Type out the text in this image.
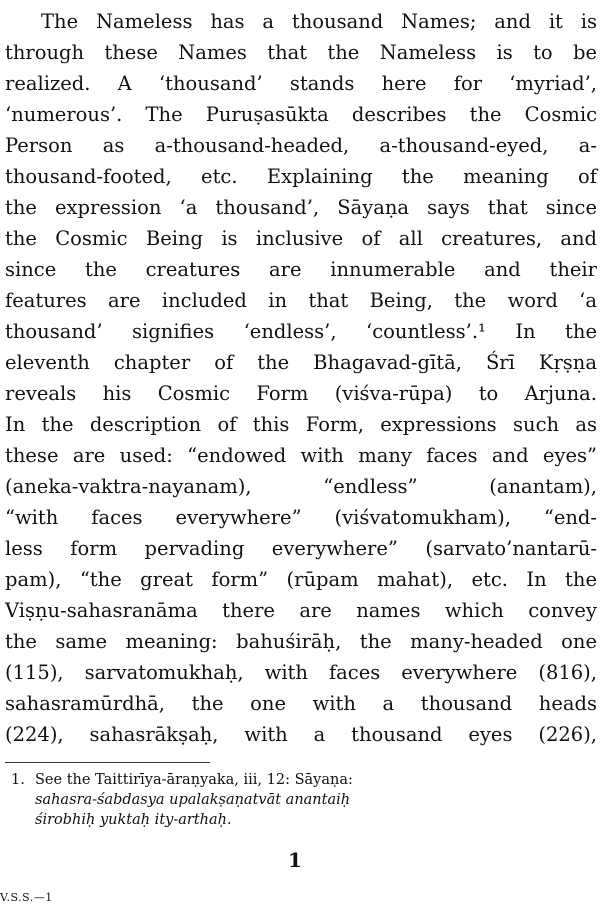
The Nameless has a thousand Names; and it is
through these Names that the Nameless is to be
realized. A ‘thousand’ stands here for ‘myriad’,
‘numerous’. The Puruṣasūkta describes the Cosmic
Person as a-thousand-headed, a-thousand-eyed, a-
thousand-footed, etc. Explaining the meaning of
the expression ‘a thousand’, Sāyaṇa says that since
the Cosmic Being is inclusive of all creatures, and
since the creatures are innumerable and their
features are included in that Being, the word ‘a
thousand’ signifies ‘endless’, ‘countless’.¹ In the
eleventh chapter of the Bhagavad-gītā, Śrī Kṛṣṇa
reveals his Cosmic Form (viśva-rūpa) to Arjuna.
In the description of this Form, expressions such as
these are used: “endowed with many faces and eyes”
(aneka-vaktra-nayanam), “endless” (anantam),
“with faces everywhere” (viśvatomukham), “end-
less form pervading everywhere” (sarvato’nantarū-
pam), “the great form” (rūpam mahat), etc. In the
Viṣṇu-sahasranāma there are names which convey
the same meaning: bahuśirāḥ, the many-headed one
(115), sarvatomukhaḥ, with faces everywhere (816),
sahasramūrdhā, the one with a thousand heads
(224), sahasrākṣaḥ, with a thousand eyes (226),
1. See the Taittirīya-āraṇyaka, iii, 12: Sāyaṇa:
sahasra-śabdasya upalakṣaṇatvāt anantaiḥ
śirobhiḥ yuktaḥ ity-arthaḥ.
1
V.S.S.—1
